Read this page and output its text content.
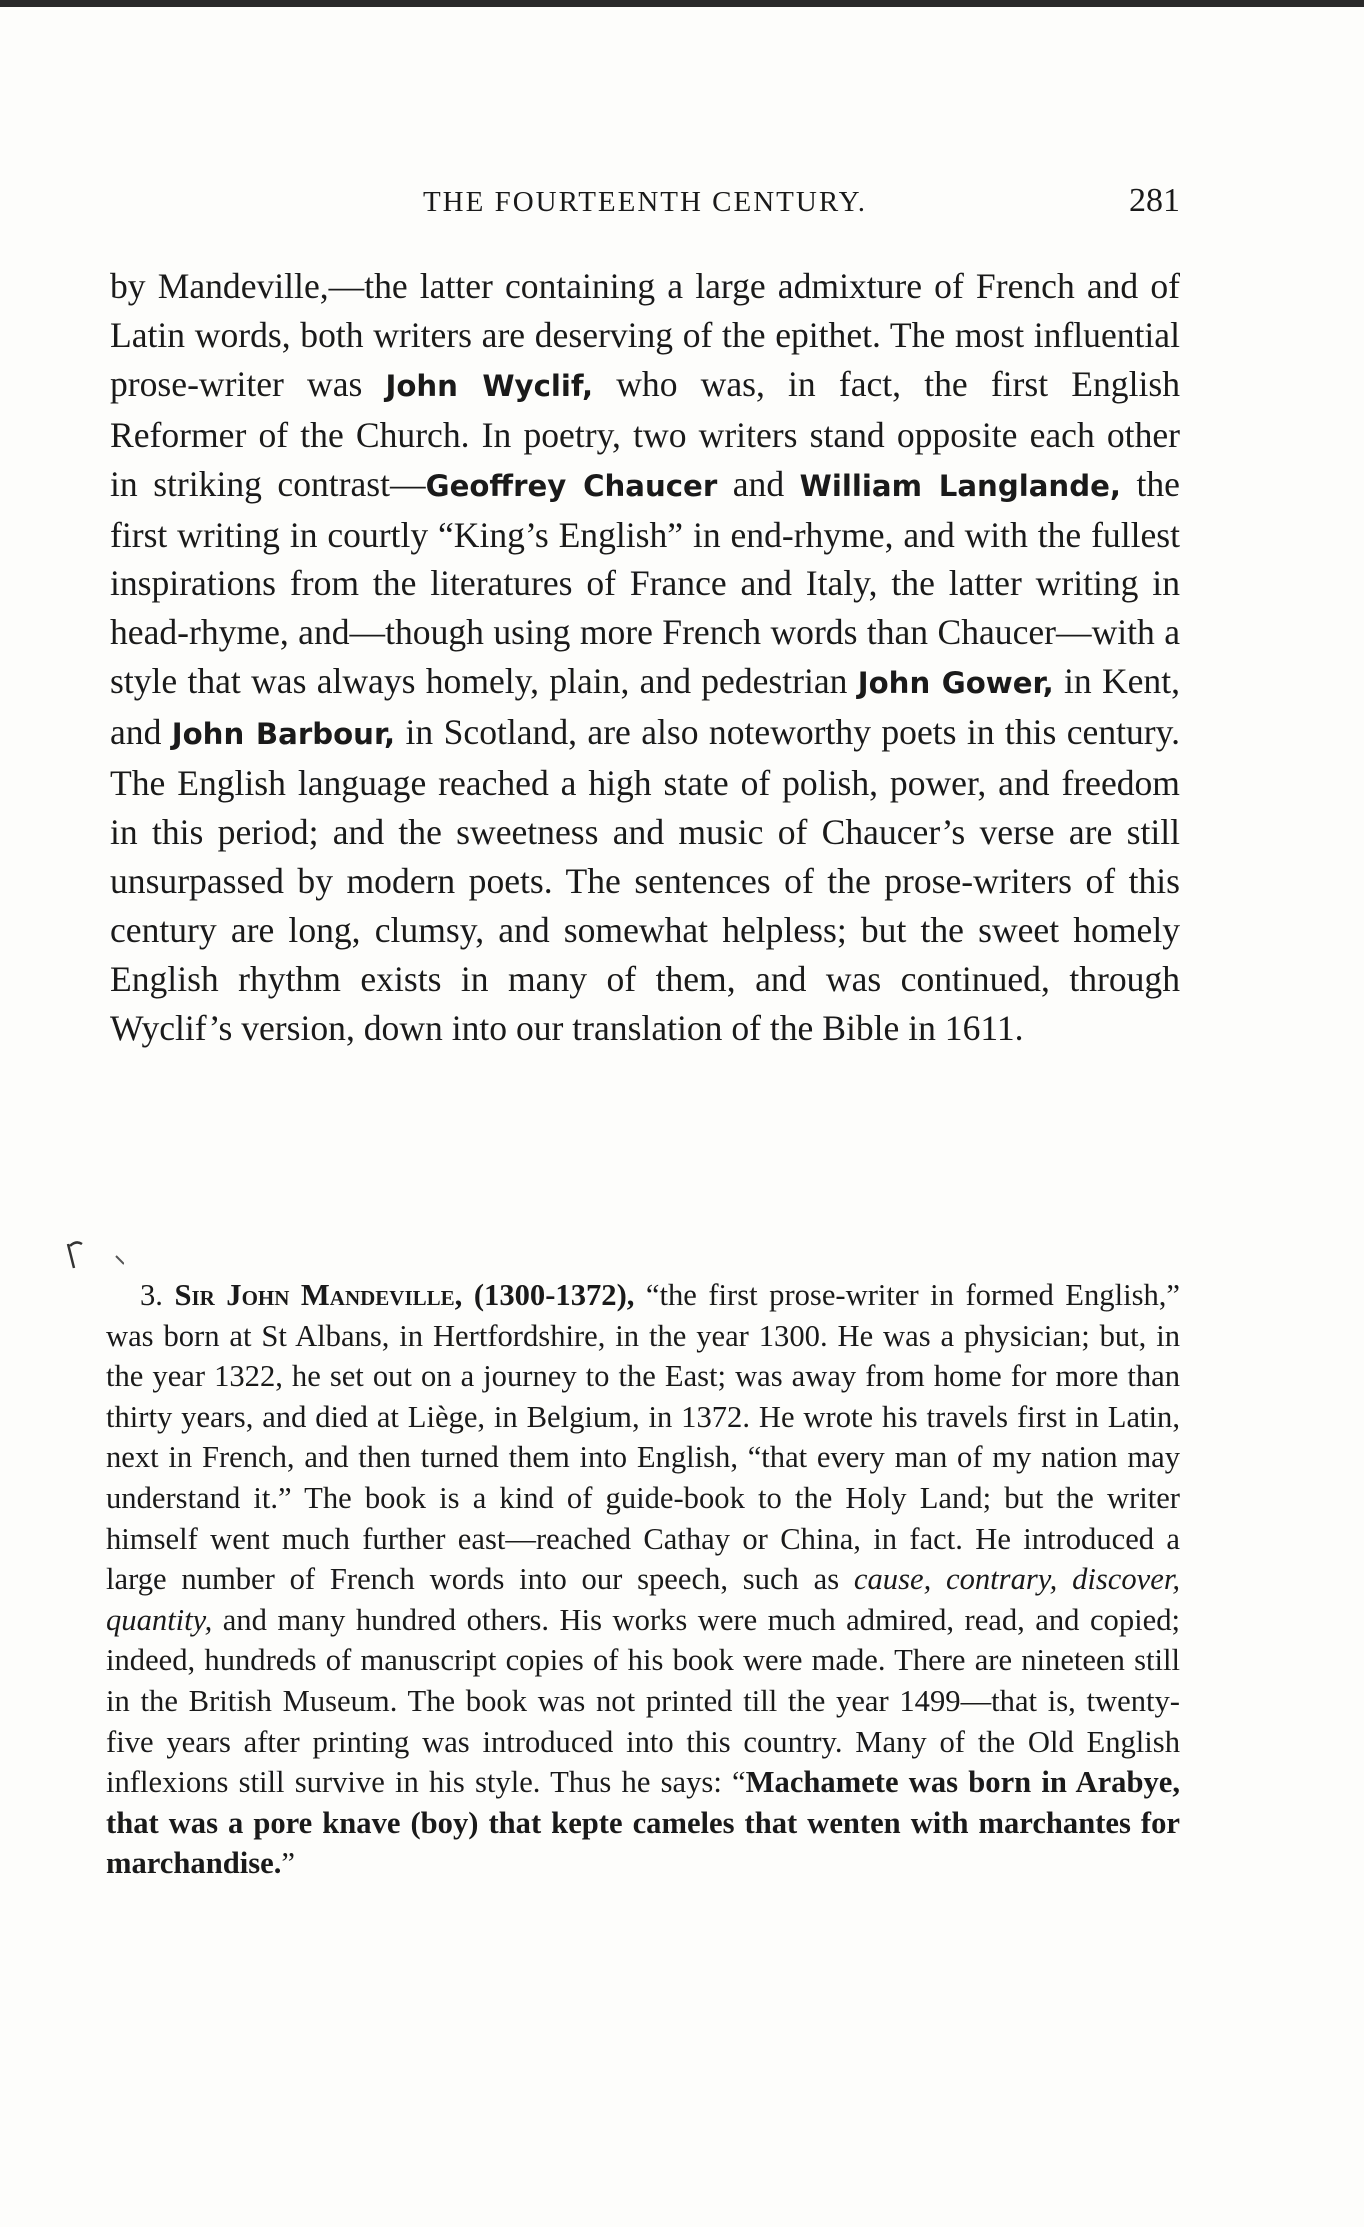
THE FOURTEENTH CENTURY.	281

by Mandeville,—the latter containing a large admixture of French and of Latin words, both writers are deserving of the epithet. The most influential prose-writer was John Wyclif, who was, in fact, the first English Reformer of the Church. In poetry, two writers stand opposite each other in striking contrast—Geoffrey Chaucer and William Langlande, the first writing in courtly “King’s English” in end-rhyme, and with the fullest inspirations from the literatures of France and Italy, the latter writing in head-rhyme, and—though using more French words than Chaucer—with a style that was always homely, plain, and pedestrian John Gower, in Kent, and John Barbour, in Scotland, are also noteworthy poets in this century. The English language reached a high state of polish, power, and freedom in this period; and the sweetness and music of Chaucer’s verse are still unsurpassed by modern poets. The sentences of the prose-writers of this century are long, clumsy, and somewhat helpless; but the sweet homely English rhythm exists in many of them, and was continued, through Wyclif’s version, down into our translation of the Bible in 1611.

3. Sir John Mandeville, (1300-1372), “the first prose-writer in formed English,” was born at St Albans, in Hertfordshire, in the year 1300. He was a physician; but, in the year 1322, he set out on a journey to the East; was away from home for more than thirty years, and died at Liège, in Belgium, in 1372. He wrote his travels first in Latin, next in French, and then turned them into English, “that every man of my nation may understand it.” The book is a kind of guide-book to the Holy Land; but the writer himself went much further east—reached Cathay or China, in fact. He introduced a large number of French words into our speech, such as cause, contrary, discover, quantity, and many hundred others. His works were much admired, read, and copied; indeed, hundreds of manuscript copies of his book were made. There are nineteen still in the British Museum. The book was not printed till the year 1499—that is, twenty-five years after printing was introduced into this country. Many of the Old English inflexions still survive in his style. Thus he says: “Machamete was born in Arabye, that was a pore knave (boy) that kepte cameles that wenten with marchantes for marchandise.”
